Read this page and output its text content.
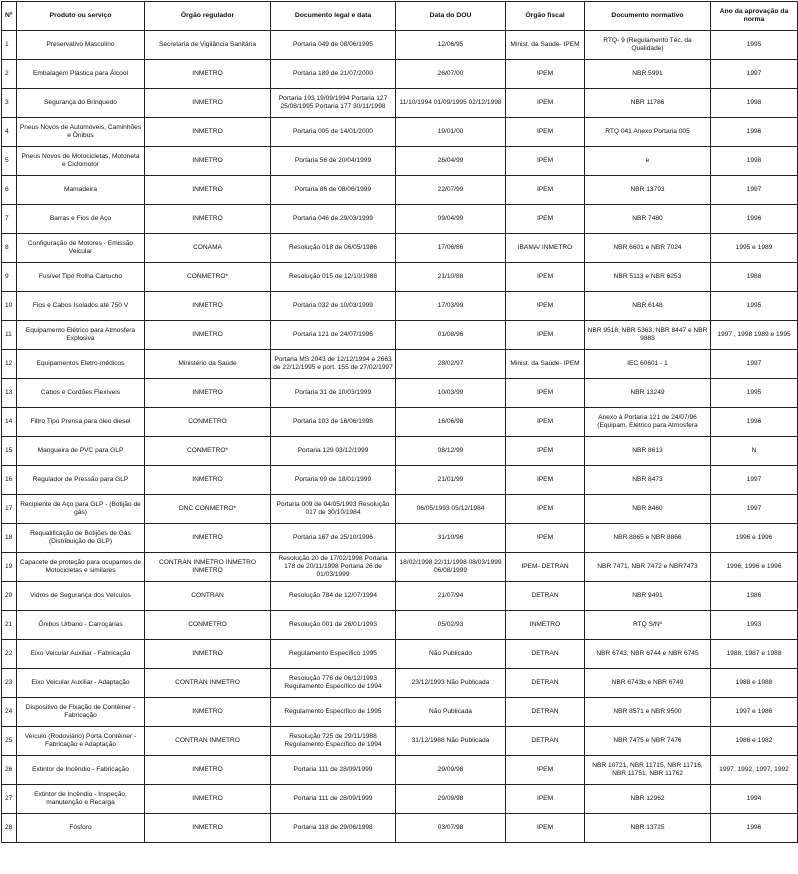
Nº	Produto ou serviço	Órgão regulador	Documento legal e data	Data do DOU	Órgão fiscal	Documento normativo	Ano da aprovação da norma
1	Preservativo Masculino	Secretaria de Vigilância Sanitária	Portaria 049 de 08/06/1995	12/06/95	Minist. da Saúde- IPEM	RTQ- 9 (Regulamento Téc. da Qualidade)	1995
2	Embalagem Plástica para Álcool	INMETRO	Portaria 189 de 21/07/2000	26/07/00	IPEM	NBR 5991	1997
3	Segurança do Brinquedo	INMETRO	Portaria 193 19/09/1994 Portaria 127 25/08/1995 Portaria 177 30/11/1998	11/10/1994 01/09/1995 02/12/1998	IPEM	NBR 11786	1998
4	Pneus Novos de Automóveis, Caminhões e Ônibus	INMETRO	Portaria 005 de 14/01/2000	19/01/00	IPEM	RTQ 041 Anexo Portaria 005	1996
5	Pneus Novos de Motocicletas, Motoneta e Ciclomotor	INMETRO	Portaria 56 de 20/04/1999	26/04/99	IPEM	e	1998
6	Mamadeira	INMETRO	Portaria 86 de 08/06/1999	22/07/99	IPEM	NBR 13793	1997
7	Barras e Fios de Aço	INMETRO	Portaria 046 de 29/03/1999	09/04/99	IPEM	NBR 7480	1996
8	Configuração de Motores - Emissão Veicular	CONAMA	Resolução 018 de 06/05/1986	17/06/86	IBAMA/ INMETRO	NBR 6601 e NBR 7024	1995 e 1989
9	Fusível Tipo Rolha Cartucho	CONMETRO*	Resolução 015 de 12/10/1988	21/10/88	IPEM	NBR 5113 e NBR 6253	1988
10	Fios e Cabos Isolados até 750 V	INMETRO	Portaria 032 de 10/03/1999	17/03/99	IPEM	NBR 6148	1995
11	Equipamento Elétrico para Atmosfera Explosiva	INMETRO	Portaria 121 de 24/07/1996	01/08/96	IPEM	NBR 9518, NBR 5363, NBR 8447 e NBR 9883	1997 , 1998 1989 e 1995
12	Equipamentos Eletro-médicos	Ministério da Saúde	Portaria MS 2043 de 12/12/1994 e 2663 de 22/12/1995 e port. 155 de 27/02/1997	28/02/97	Minist. da Saúde- IPEM	IEC 60601 - 1	1997
13	Cabos e Cordões Flexíveis	INMETRO	Portaria 31 de 10/03/1999	10/03/99	IPEM	NBR 13249	1995
14	Filtro Tipo Prensa para óleo diesel	CONMETRO	Portaria 103 de 16/06/1998	16/06/98	IPEM	Anexo à Portaria 121 de 24/07/96 (Equipam. Elétrico para Atmosfera	1996
15	Mangueira de PVC para GLP	CONMETRO*	Portaria 129 03/12/1999	08/12/99	IPEM	NBR 8613	N
16	Regulador de Pressão para GLP	INMETRO	Portaria 09 de 18/01/1999	21/01/99	IPEM	NBR 8473	1997
17	Recipiente de Aço para GLP - (Botijão de gás)	DNC CONMETRO*	Portaria 009 de 04/05/1993 Resolução 017 de 30/10/1984	06/05/1993 05/12/1984	IPEM	NBR 8460	1997
18	Requalificação de Botijões de Gás (Distribuição de GLP)	INMETRO	Portaria 167 de 25/10/1996	31/10/96	IPEM	NBR 8865 e NBR 8866	1996 e 1996
19	Capacete de proteção para ocupantes de Motocicletas e similares	CONTRAN INMETRO INMETRO INMETRO	Resolução 20 de 17/02/1998 Portaria 178 de 20/11/1998 Portaria 26 de 01/03/1999	18/02/1998 22/11/1998 08/03/1999 06/08/1999	IPEM- DETRAN	NBR 7471, NBR 7472 e NBR7473	1996, 1996 e 1996
20	Vidros de Segurança dos Veículos	CONTRAN	Resolução 784 de 12/07/1994	21/07/94	DETRAN	NBR 9491	1986
21	Ônibus Urbano - Carroçarias	CONMETRO	Resolução 001 de 26/01/1993	05/02/93	INMETRO	RTQ S/Nº	1993
22	Eixo Veicular Auxiliar - Fabricação	INMETRO	Regulamento Específico 1995	Não Publicado	DETRAN	NBR 6743, NBR 6744 e NBR 6745	1988, 1987 e 1988
23	Eixo Veicular Auxiliar - Adaptação	CONTRAN INMETRO	Resolução 776 de 06/12/1993 Regulamento Específico de 1994	23/12/1993 Não Publicada	DETRAN	NBR 6743b e NBR 6749	1988 e 1988
24	Dispositivo de Fixação de Contêiner - Fabricação	INMETRO	Regulamento Específico de 1995	Não Publicada	DETRAN	NBR 8571 e NBR 9500	1997 e 1986
25	Veículo (Rodoviário) Porta Contêiner - Fabricação e Adaptação	CONTRAN INMETRO	Resolução 725 de 29/11/1988 Regulamento Específico de 1994	31/12/1988 Não Publicada	DETRAN	NBR 7475 e NBR 7476	1986 e 1982
26	Extintor de Incêndio - Fabricação	INMETRO	Portaria 111 de 28/09/1999	29/09/98	IPEM	NBR 10721, NBR 11715, NBR 11716, NBR 11751, NBR 11762	1997, 1992, 1997, 1992
27	Extintor de Incêndio - Inspeção, manutenção e Recarga	INMETRO	Portaria 111 de 28/09/1999	29/09/98	IPEM	NBR 12962	1994
28	Fósforo	INMETRO	Portaria 118 de 29/06/1998	03/07/98	IPEM	NBR 13725	1996
